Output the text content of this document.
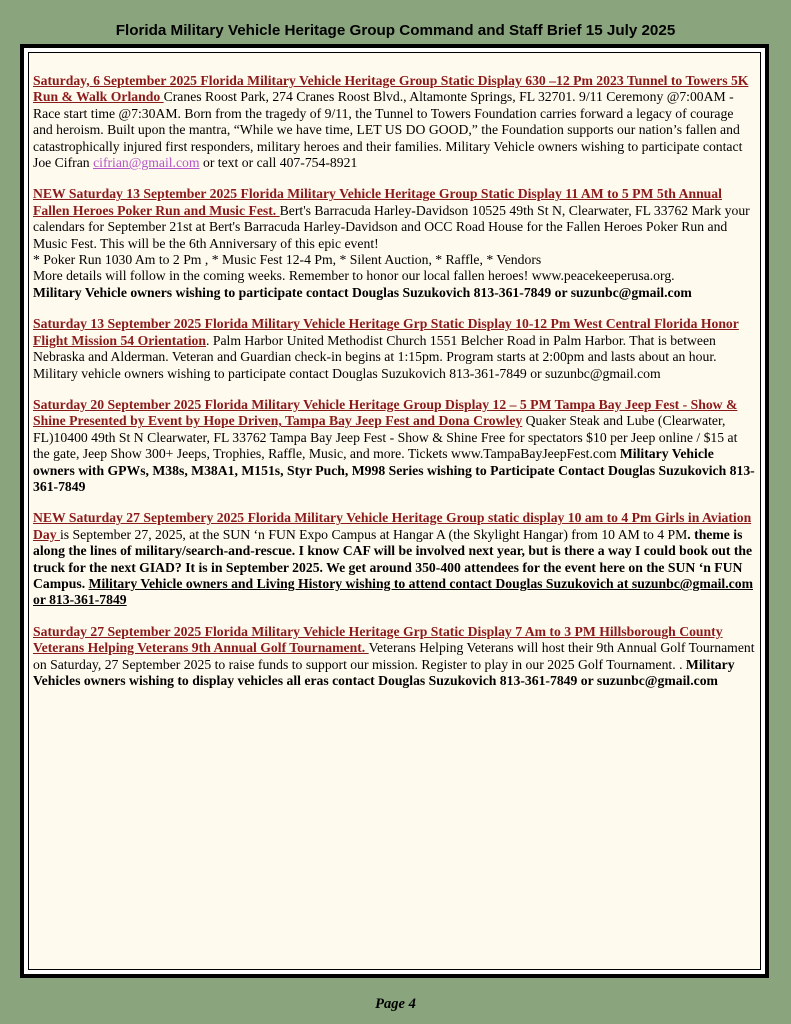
Florida Military Vehicle Heritage Group Command and Staff Brief 15 July 2025
Saturday, 6 September 2025 Florida Military Vehicle Heritage Group Static Display 630 –12 Pm 2023 Tunnel to Towers 5K Run & Walk Orlando Cranes Roost Park, 274 Cranes Roost Blvd., Altamonte Springs, FL 32701. 9/11 Ceremony @7:00AM - Race start time @7:30AM. Born from the tragedy of 9/11, the Tunnel to Towers Foundation carries forward a legacy of courage and heroism. Built upon the mantra, “While we have time, LET US DO GOOD,” the Foundation supports our nation’s fallen and catastrophically injured first responders, military heroes and their families. Military Vehicle owners wishing to participate contact Joe Cifran cifrian@gmail.com or text or call 407-754-8921
NEW Saturday 13 September 2025 Florida Military Vehicle Heritage Group Static Display 11 AM to 5 PM 5th Annual Fallen Heroes Poker Run and Music Fest. Bert's Barracuda Harley-Davidson 10525 49th St N, Clearwater, FL 33762 Mark your calendars for September 21st at Bert's Barracuda Harley-Davidson and OCC Road House for the Fallen Heroes Poker Run and Music Fest. This will be the 6th Anniversary of this epic event!
* Poker Run 1030 Am to 2 Pm , * Music Fest 12-4 Pm, * Silent Auction, * Raffle, * Vendors
More details will follow in the coming weeks. Remember to honor our local fallen heroes! www.peacekeeperusa.org.
Military Vehicle owners wishing to participate contact Douglas Suzukovich 813-361-7849 or suzunbc@gmail.com
Saturday 13 September 2025 Florida Military Vehicle Heritage Grp Static Display 10-12 Pm West Central Florida Honor Flight Mission 54 Orientation. Palm Harbor United Methodist Church 1551 Belcher Road in Palm Harbor. That is between Nebraska and Alderman. Veteran and Guardian check-in begins at 1:15pm. Program starts at 2:00pm and lasts about an hour. Military vehicle owners wishing to participate contact Douglas Suzukovich 813-361-7849 or suzunbc@gmail.com
Saturday 20 September 2025 Florida Military Vehicle Heritage Group Display 12 – 5 PM Tampa Bay Jeep Fest - Show & Shine Presented by Event by Hope Driven, Tampa Bay Jeep Fest and Dona Crowley Quaker Steak and Lube (Clearwater, FL)10400 49th St N Clearwater, FL 33762 Tampa Bay Jeep Fest - Show & Shine Free for spectators $10 per Jeep online / $15 at the gate, Jeep Show 300+ Jeeps, Trophies, Raffle, Music, and more. Tickets www.TampaBayJeepFest.com Military Vehicle owners with GPWs, M38s, M38A1, M151s, Styr Puch, M998 Series wishing to Participate Contact Douglas Suzukovich 813-361-7849
NEW Saturday 27 Septembery 2025 Florida Military Vehicle Heritage Group static display 10 am to 4 Pm Girls in Aviation Day is September 27, 2025, at the SUN ‘n FUN Expo Campus at Hangar A (the Skylight Hangar) from 10 AM to 4 PM. theme is along the lines of military/search-and-rescue. I know CAF will be involved next year, but is there a way I could book out the truck for the next GIAD? It is in September 2025. We get around 350-400 attendees for the event here on the SUN ‘n FUN Campus. Military Vehicle owners and Living History wishing to attend contact Douglas Suzukovich at suzunbc@gmail.com or 813-361-7849
Saturday 27 September 2025 Florida Military Vehicle Heritage Grp Static Display 7 Am to 3 PM Hillsborough County Veterans Helping Veterans 9th Annual Golf Tournament. Veterans Helping Veterans will host their 9th Annual Golf Tournament on Saturday, 27 September 2025 to raise funds to support our mission. Register to play in our 2025 Golf Tournament. . Military Vehicles owners wishing to display vehicles all eras contact Douglas Suzukovich 813-361-7849 or suzunbc@gmail.com
Page 4
